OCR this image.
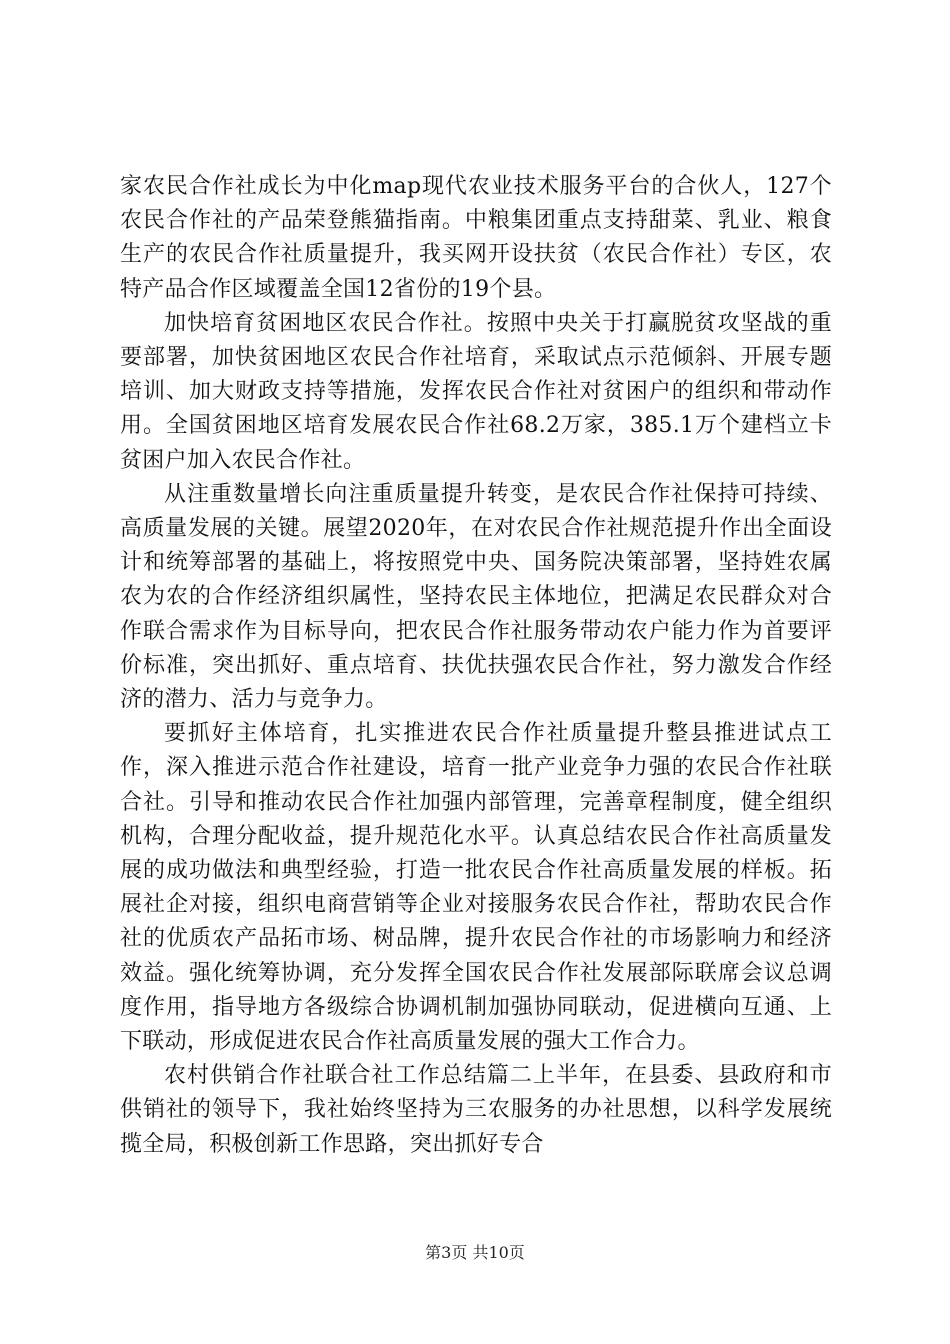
家农民合作社成长为中化map现代农业技术服务平台的合伙人，127个农民合作社的产品荣登熊猫指南。中粮集团重点支持甜菜、乳业、粮食生产的农民合作社质量提升，我买网开设扶贫（农民合作社）专区，农特产品合作区域覆盖全国12省份的19个县。

加快培育贫困地区农民合作社。按照中央关于打赢脱贫攻坚战的重要部署，加快贫困地区农民合作社培育，采取试点示范倾斜、开展专题培训、加大财政支持等措施，发挥农民合作社对贫困户的组织和带动作用。全国贫困地区培育发展农民合作社68.2万家，385.1万个建档立卡贫困户加入农民合作社。

从注重数量增长向注重质量提升转变，是农民合作社保持可持续、高质量发展的关键。展望2020年，在对农民合作社规范提升作出全面设计和统筹部署的基础上，将按照党中央、国务院决策部署，坚持姓农属农为农的合作经济组织属性，坚持农民主体地位，把满足农民群众对合作联合需求作为目标导向，把农民合作社服务带动农户能力作为首要评价标准，突出抓好、重点培育、扶优扶强农民合作社，努力激发合作经济的潜力、活力与竞争力。

要抓好主体培育，扎实推进农民合作社质量提升整县推进试点工作，深入推进示范合作社建设，培育一批产业竞争力强的农民合作社联合社。引导和推动农民合作社加强内部管理，完善章程制度，健全组织机构，合理分配收益，提升规范化水平。认真总结农民合作社高质量发展的成功做法和典型经验，打造一批农民合作社高质量发展的样板。拓展社企对接，组织电商营销等企业对接服务农民合作社，帮助农民合作社的优质农产品拓市场、树品牌，提升农民合作社的市场影响力和经济效益。强化统筹协调，充分发挥全国农民合作社发展部际联席会议总调度作用，指导地方各级综合协调机制加强协同联动，促进横向互通、上下联动，形成促进农民合作社高质量发展的强大工作合力。

农村供销合作社联合社工作总结篇二上半年，在县委、县政府和市供销社的领导下，我社始终坚持为三农服务的办社思想，以科学发展统揽全局，积极创新工作思路，突出抓好专合

第3页 共10页
